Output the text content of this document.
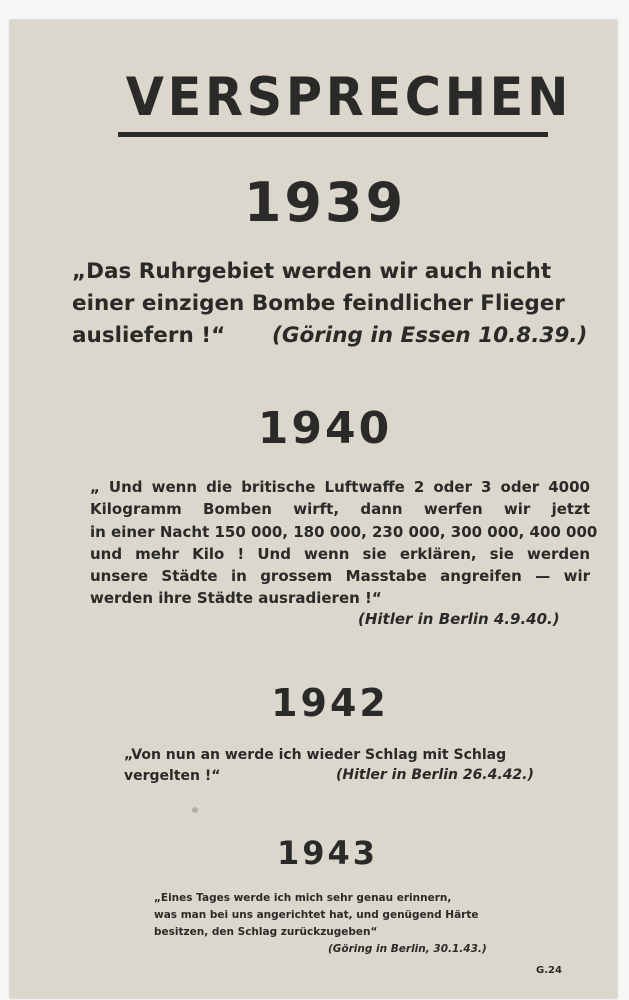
VERSPRECHEN
1939
„Das Ruhrgebiet werden wir auch nicht
einer einzigen Bombe feindlicher Flieger
ausliefern !“	(Göring in Essen 10.8.39.)
1940
„ Und wenn die britische Luftwaffe 2 oder 3 oder 4000
Kilogramm Bomben wirft, dann werfen wir jetzt
in einer Nacht 150 000, 180 000, 230 000, 300 000, 400 000
und mehr Kilo ! Und wenn sie erklären, sie werden
unsere Städte in grossem Masstabe angreifen — wir
werden ihre Städte ausradieren !“
(Hitler in Berlin 4.9.40.)
1942
„Von nun an werde ich wieder Schlag mit Schlag
vergelten !“	(Hitler in Berlin 26.4.42.)
1943
„Eines Tages werde ich mich sehr genau erinnern,
was man bei uns angerichtet hat, und genügend Härte
besitzen, den Schlag zurückzugeben“
(Göring in Berlin, 30.1.43.)
G.24
